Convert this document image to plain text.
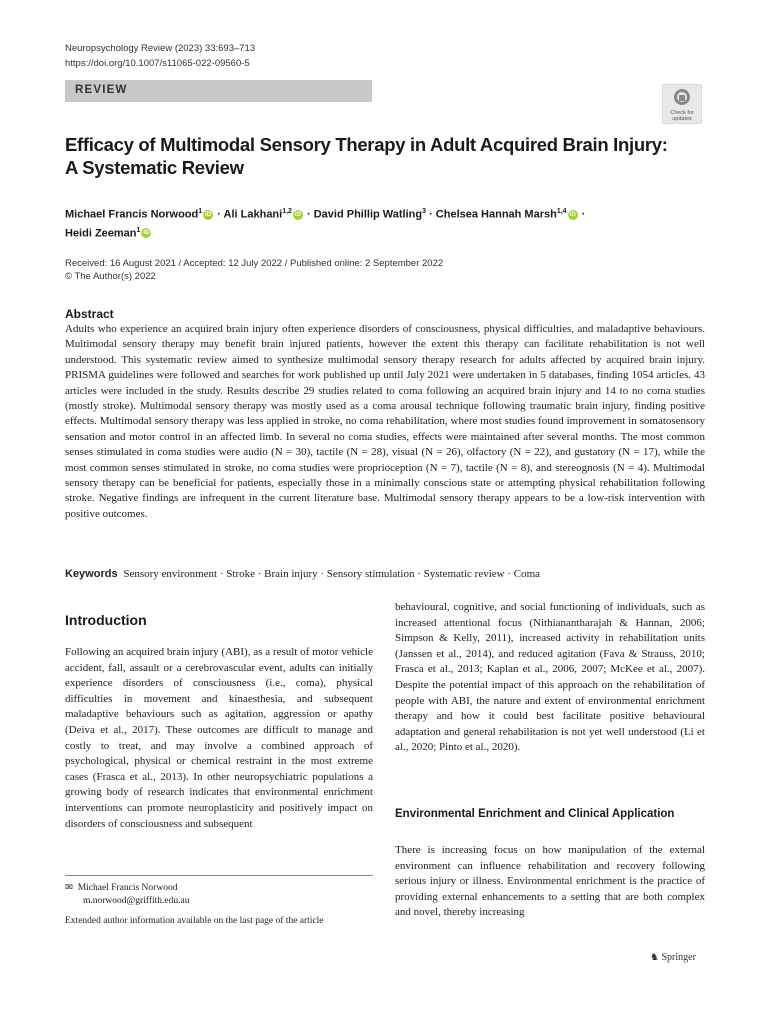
Neuropsychology Review (2023) 33:693–713
https://doi.org/10.1007/s11065-022-09560-5
REVIEW
Check for
updates
Efficacy of Multimodal Sensory Therapy in Adult Acquired Brain Injury:
A Systematic Review
Michael Francis Norwood$^1$ iD · Ali Lakhani$^{1,2}$ iD · David Phillip Watling$^3$ · Chelsea Hannah Marsh$^{1,4}$ iD ·
Heidi Zeeman$^1$ iD
Received: 16 August 2021 / Accepted: 12 July 2022 / Published online: 2 September 2022
© The Author(s) 2022
Abstract
Adults who experience an acquired brain injury often experience disorders of consciousness, physical difficulties, and maladaptive behaviours. Multimodal sensory therapy may benefit brain injured patients, however the extent this therapy can facilitate rehabilitation is not well understood. This systematic review aimed to synthesize multimodal sensory therapy research for adults affected by acquired brain injury. PRISMA guidelines were followed and searches for work published up until July 2021 were undertaken in 5 databases, finding 1054 articles. 43 articles were included in the study. Results describe 29 studies related to coma following an acquired brain injury and 14 to no coma studies (mostly stroke). Multimodal sensory therapy was mostly used as a coma arousal technique following traumatic brain injury, finding positive effects. Multimodal sensory therapy was less applied in stroke, no coma rehabilitation, where most studies found improvement in somatosensory sensation and motor control in an affected limb. In several no coma studies, effects were maintained after several months. The most common senses stimulated in coma studies were audio (N = 30), tactile (N = 28), visual (N = 26), olfactory (N = 22), and gustatory (N = 17), while the most common senses stimulated in stroke, no coma studies were proprioception (N = 7), tactile (N = 8), and stereognosis (N = 4). Multimodal sensory therapy can be beneficial for patients, especially those in a minimally conscious state or attempting physical rehabilitation following stroke. Negative findings are infrequent in the current literature base. Multimodal sensory therapy appears to be a low-risk intervention with positive outcomes.
Keywords Sensory environment · Stroke · Brain injury · Sensory stimulation · Systematic review · Coma
Introduction
Following an acquired brain injury (ABI), as a result of motor vehicle accident, fall, assault or a cerebrovascular event, adults can initially experience disorders of consciousness (i.e., coma), physical difficulties in movement and kinaesthesia, and subsequent maladaptive behaviours such as agitation, aggression or apathy (Deiva et al., 2017). These outcomes are difficult to manage and costly to treat, and may involve a combined approach of psychological, physical or chemical restraint in the most extreme cases (Frasca et al., 2013). In other neuropsychiatric populations a growing body of research indicates that environmental enrichment interventions can promote neuroplasticity and positively impact on disorders of consciousness and subsequent
behavioural, cognitive, and social functioning of individuals, such as increased attentional focus (Nithianantharajah & Hannan, 2006; Simpson & Kelly, 2011), increased activity in rehabilitation units (Janssen et al., 2014), and reduced agitation (Fava & Strauss, 2010; Frasca et al., 2013; Kaplan et al., 2006, 2007; McKee et al., 2007). Despite the potential impact of this approach on the rehabilitation of people with ABI, the nature and extent of environmental enrichment therapy and how it could best facilitate positive behavioural adaptation and general rehabilitation is not yet well understood (Li et al., 2020; Pinto et al., 2020).
Environmental Enrichment and Clinical Application
There is increasing focus on how manipulation of the external environment can influence rehabilitation and recovery following serious injury or illness. Environmental enrichment is the practice of providing external enhancements to a setting that are both complex and novel, thereby increasing
✉ Michael Francis Norwood
m.norwood@griffith.edu.au
Extended author information available on the last page of the article
♞ Springer
